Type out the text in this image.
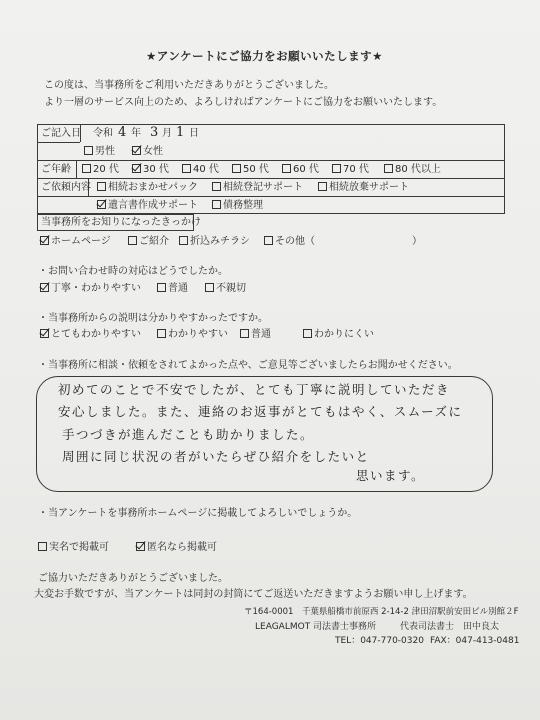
★アンケートにご協力をお願いいたします★
この度は、当事務所をご利用いただきありがとうございました。
より一層のサービス向上のため、よろしければアンケートにご協力をお願いいたします。
ご記入日 令和 4 年 3 月 1 日
男性	女性
ご年齢	20 代	30 代	40 代	50 代	60 代	70 代	80 代以上
ご依頼内容	相続おまかせパック	相続登記サポート	相続放棄サポート
遺言書作成サポート	債務整理
当事務所をお知りになったきっかけ
ホームページ	ご紹介	折込みチラシ	その他（	）
・お問い合わせ時の対応はどうでしたか。
丁寧・わかりやすい	普通	不親切
・当事務所からの説明は分かりやすかったですか。
とてもわかりやすい	わかりやすい	普通	わかりにくい
・当事務所に相談・依頼をされてよかった点や、ご意見等ございましたらお聞かせください。
初めてのことで不安でしたが、とても丁寧に説明していただき
安心しました。また、連絡のお返事がとてもはやく、スムーズに
手つづきが進んだことも助かりました。
周囲に同じ状況の者がいたらぜひ紹介をしたいと
思います。
・当アンケートを事務所ホームページに掲載してよろしいでしょうか。
実名で掲載可	匿名なら掲載可
ご協力いただきありがとうございました。
大変お手数ですが、当アンケートは同封の封筒にてご返送いただきますようお願い申し上げます。
〒164-0001　千葉県船橋市前原西 2-14-2 津田沼駅前安田ビル別館２F
LEAGALMOT 司法書士事務所	代表司法書士　田中良太
TEL：047-770-0320 FAX：047-413-0481
